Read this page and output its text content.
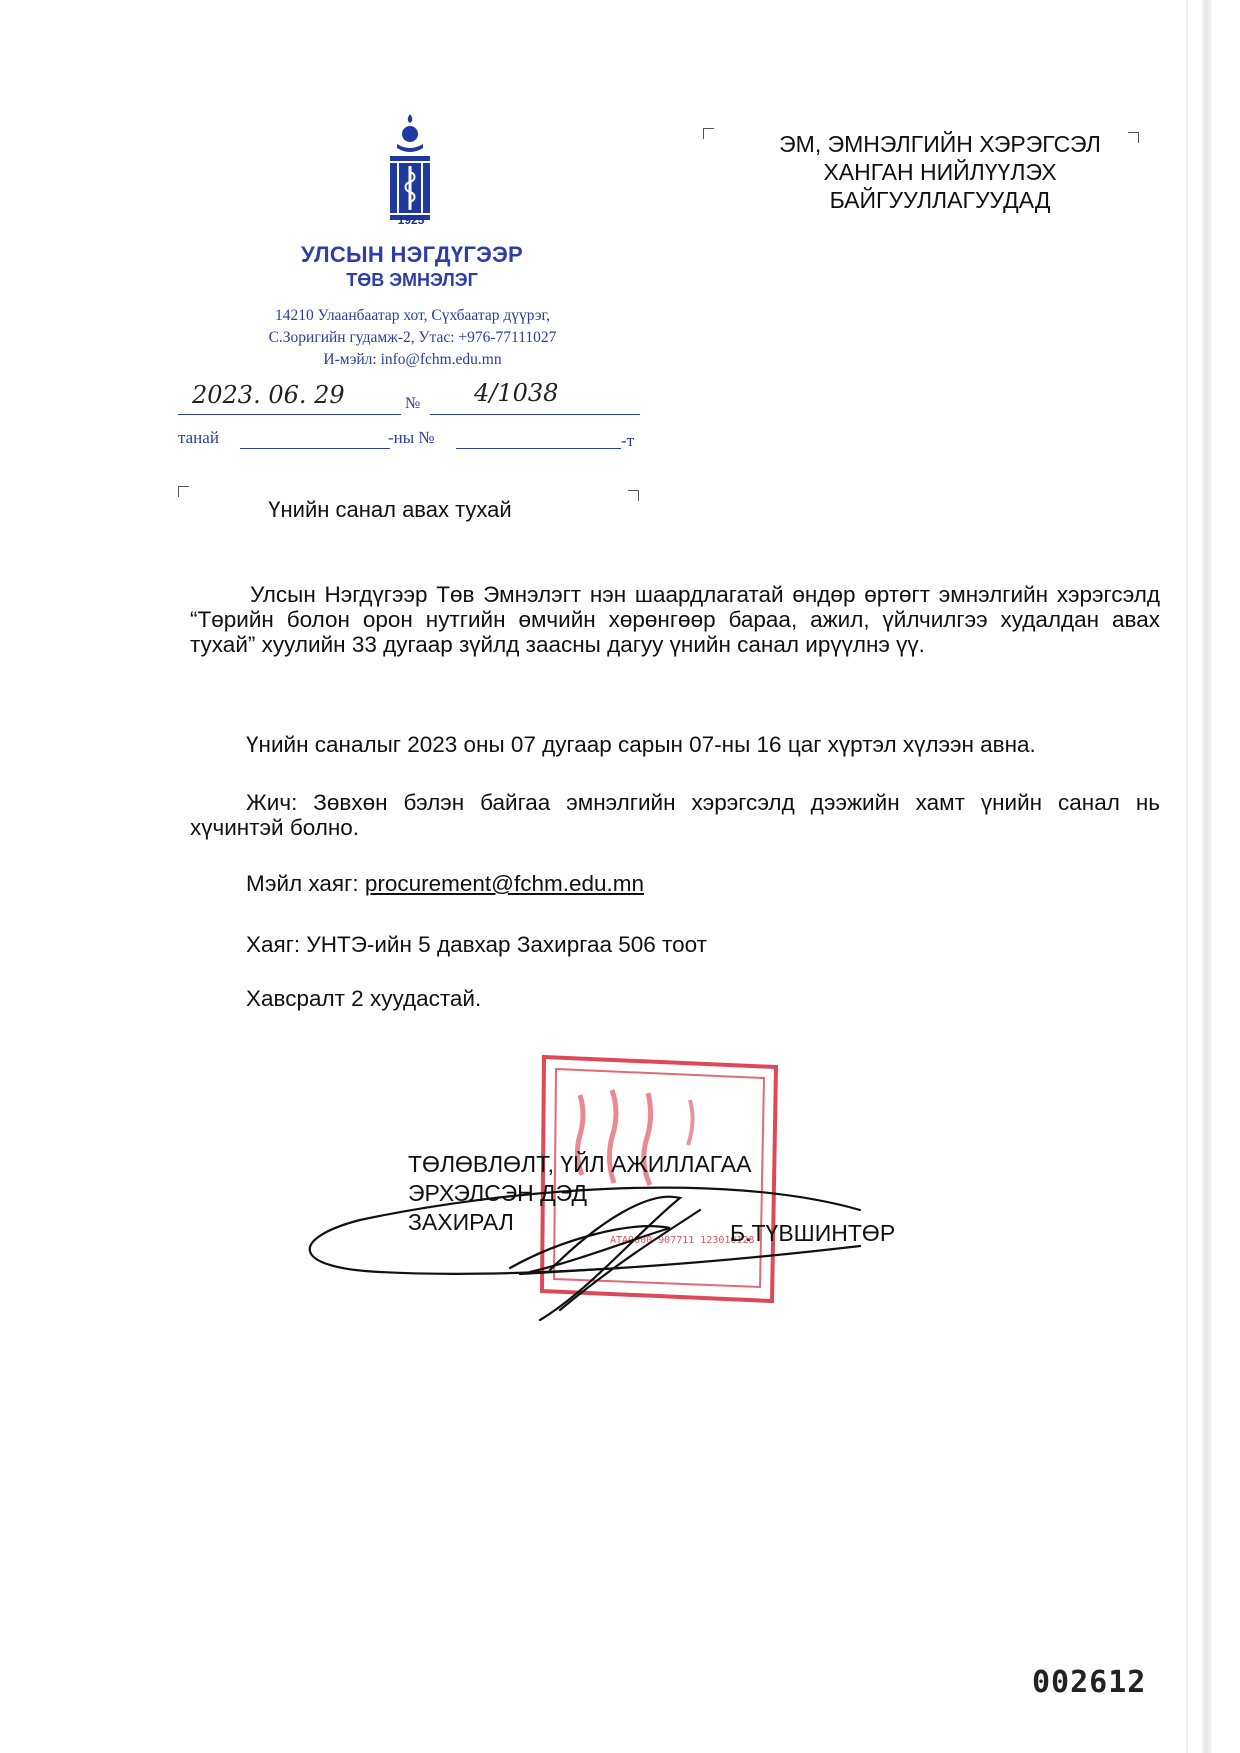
1925
УЛСЫН НЭГДҮГЭЭР
ТӨВ ЭМНЭЛЭГ
14210 Улаанбаатар хот, Сүхбаатар дүүрэг,
С.Зоригийн гудамж-2, Утас: +976-77111027
И-мэйл: info@fchm.edu.mn
2023. 06. 29	№ 4/1038
танай	-ны №	-т
ЭМ, ЭМНЭЛГИЙН ХЭРЭГСЭЛ
ХАНГАН НИЙЛҮҮЛЭХ
БАЙГУУЛЛАГУУДАД
Үнийн санал авах тухай
Улсын Нэгдүгээр Төв Эмнэлэгт нэн шаардлагатай өндөр өртөгт эмнэлгийн хэрэгсэлд “Төрийн болон орон нутгийн өмчийн хөрөнгөөр бараа, ажил, үйлчилгээ худалдан авах тухай” хуулийн 33 дугаар зүйлд заасны дагуу үнийн санал ирүүлнэ үү.
Үнийн саналыг 2023 оны 07 дугаар сарын 07-ны 16 цаг хүртэл хүлээн авна.
Жич: Зөвхөн бэлэн байгаа эмнэлгийн хэрэгсэлд дээжийн хамт үнийн санал нь хүчинтэй болно.
Мэйл хаяг: procurement@fchm.edu.mn
Хаяг: УНТЭ-ийн 5 давхар Захиргаа 506 тоот
Хавсралт 2 хуудастай.
ATA9000 907711 123010128
ТӨЛӨВЛӨЛТ, ҮЙЛ АЖИЛЛАГАА
ЭРХЭЛСЭН ДЭД
ЗАХИРАЛ	Б.ТҮВШИНТӨР
002612
